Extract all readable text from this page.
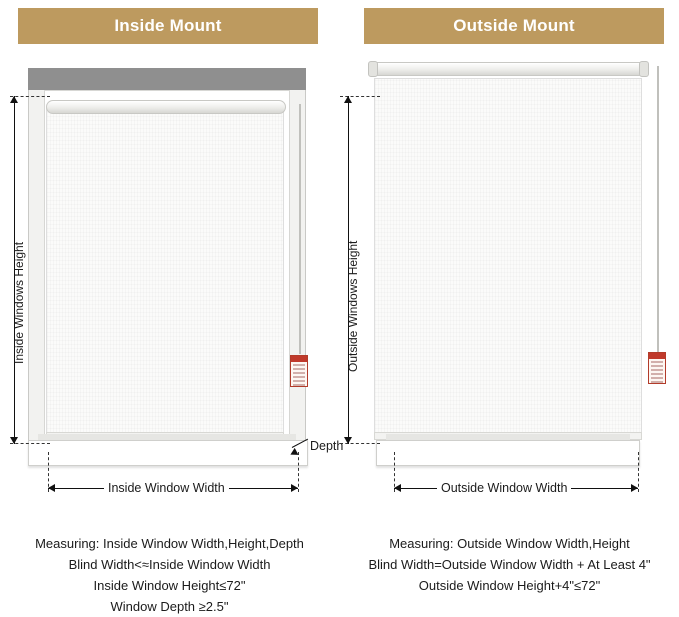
Inside Mount
Inside Windows Height
Inside Window Width
Depth
Measuring: Inside Window Width,Height,Depth
Blind Width<≈Inside Window Width
Inside Window Height≤72"
Window Depth ≥2.5"
Outside Mount
Outside Windows Height
Outside Window Width
Measuring: Outside Window Width,Height
Blind Width=Outside Window Width + At Least 4"
Outside Window Height+4"≤72"
